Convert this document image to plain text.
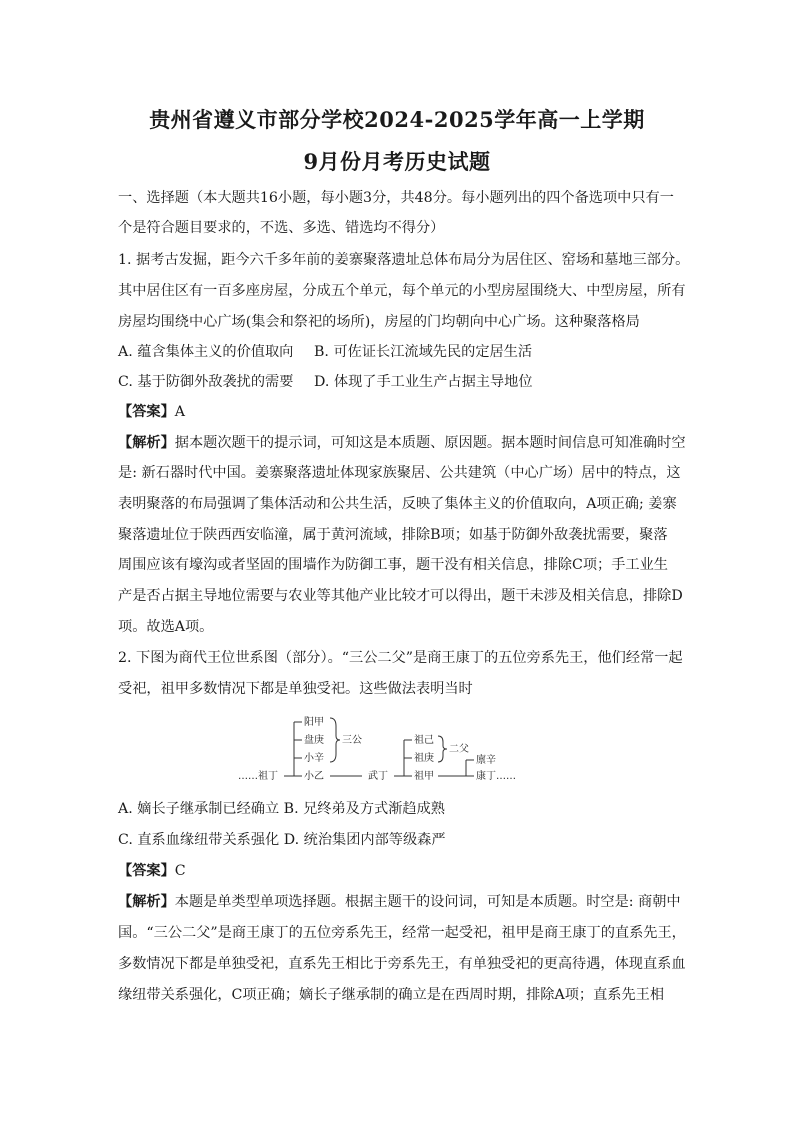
贵州省遵义市部分学校2024-2025学年高一上学期
9月份月考历史试题
一、选择题（本大题共16小题，每小题3分，共48分。每小题列出的四个备选项中只有一
个是符合题目要求的，不选、多选、错选均不得分）
1. 据考古发掘，距今六千多年前的姜寨聚落遗址总体布局分为居住区、窑场和墓地三部分。
其中居住区有一百多座房屋，分成五个单元，每个单元的小型房屋围绕大、中型房屋，所有
房屋均围绕中心广场(集会和祭祀的场所)，房屋的门均朝向中心广场。这种聚落格局
A. 蕴含集体主义的价值取向 B. 可佐证长江流域先民的定居生活
C. 基于防御外敌袭扰的需要 D. 体现了手工业生产占据主导地位
【答案】A
【解析】据本题次题干的提示词，可知这是本质题、原因题。据本题时间信息可知准确时空
是: 新石器时代中国。姜寨聚落遗址体现家族聚居、公共建筑（中心广场）居中的特点，这
表明聚落的布局强调了集体活动和公共生活，反映了集体主义的价值取向，A项正确; 姜寨
聚落遗址位于陕西西安临潼，属于黄河流域，排除B项；如基于防御外敌袭扰需要，聚落
周围应该有壕沟或者坚固的围墙作为防御工事，题干没有相关信息，排除C项；手工业生
产是否占据主导地位需要与农业等其他产业比较才可以得出，题干未涉及相关信息，排除D
项。故选A项。
2. 下图为商代王位世系图（部分）。“三公二父”是商王康丁的五位旁系先王，他们经常一起
受祀，祖甲多数情况下都是单独受祀。这些做法表明当时
……祖丁
阳甲
盘庚
小辛
小乙
三公
武丁
祖己
祖庚
祖甲
二父
廪辛
康丁……
A. 嫡长子继承制已经确立 B. 兄终弟及方式渐趋成熟
C. 直系血缘纽带关系强化 D. 统治集团内部等级森严
【答案】C
【解析】本题是单类型单项选择题。根据主题干的设问词，可知是本质题。时空是: 商朝中
国。“三公二父”是商王康丁的五位旁系先王，经常一起受祀，祖甲是商王康丁的直系先王，
多数情况下都是单独受祀，直系先王相比于旁系先王，有单独受祀的更高待遇，体现直系血
缘纽带关系强化，C项正确；嫡长子继承制的确立是在西周时期，排除A项；直系先王相
